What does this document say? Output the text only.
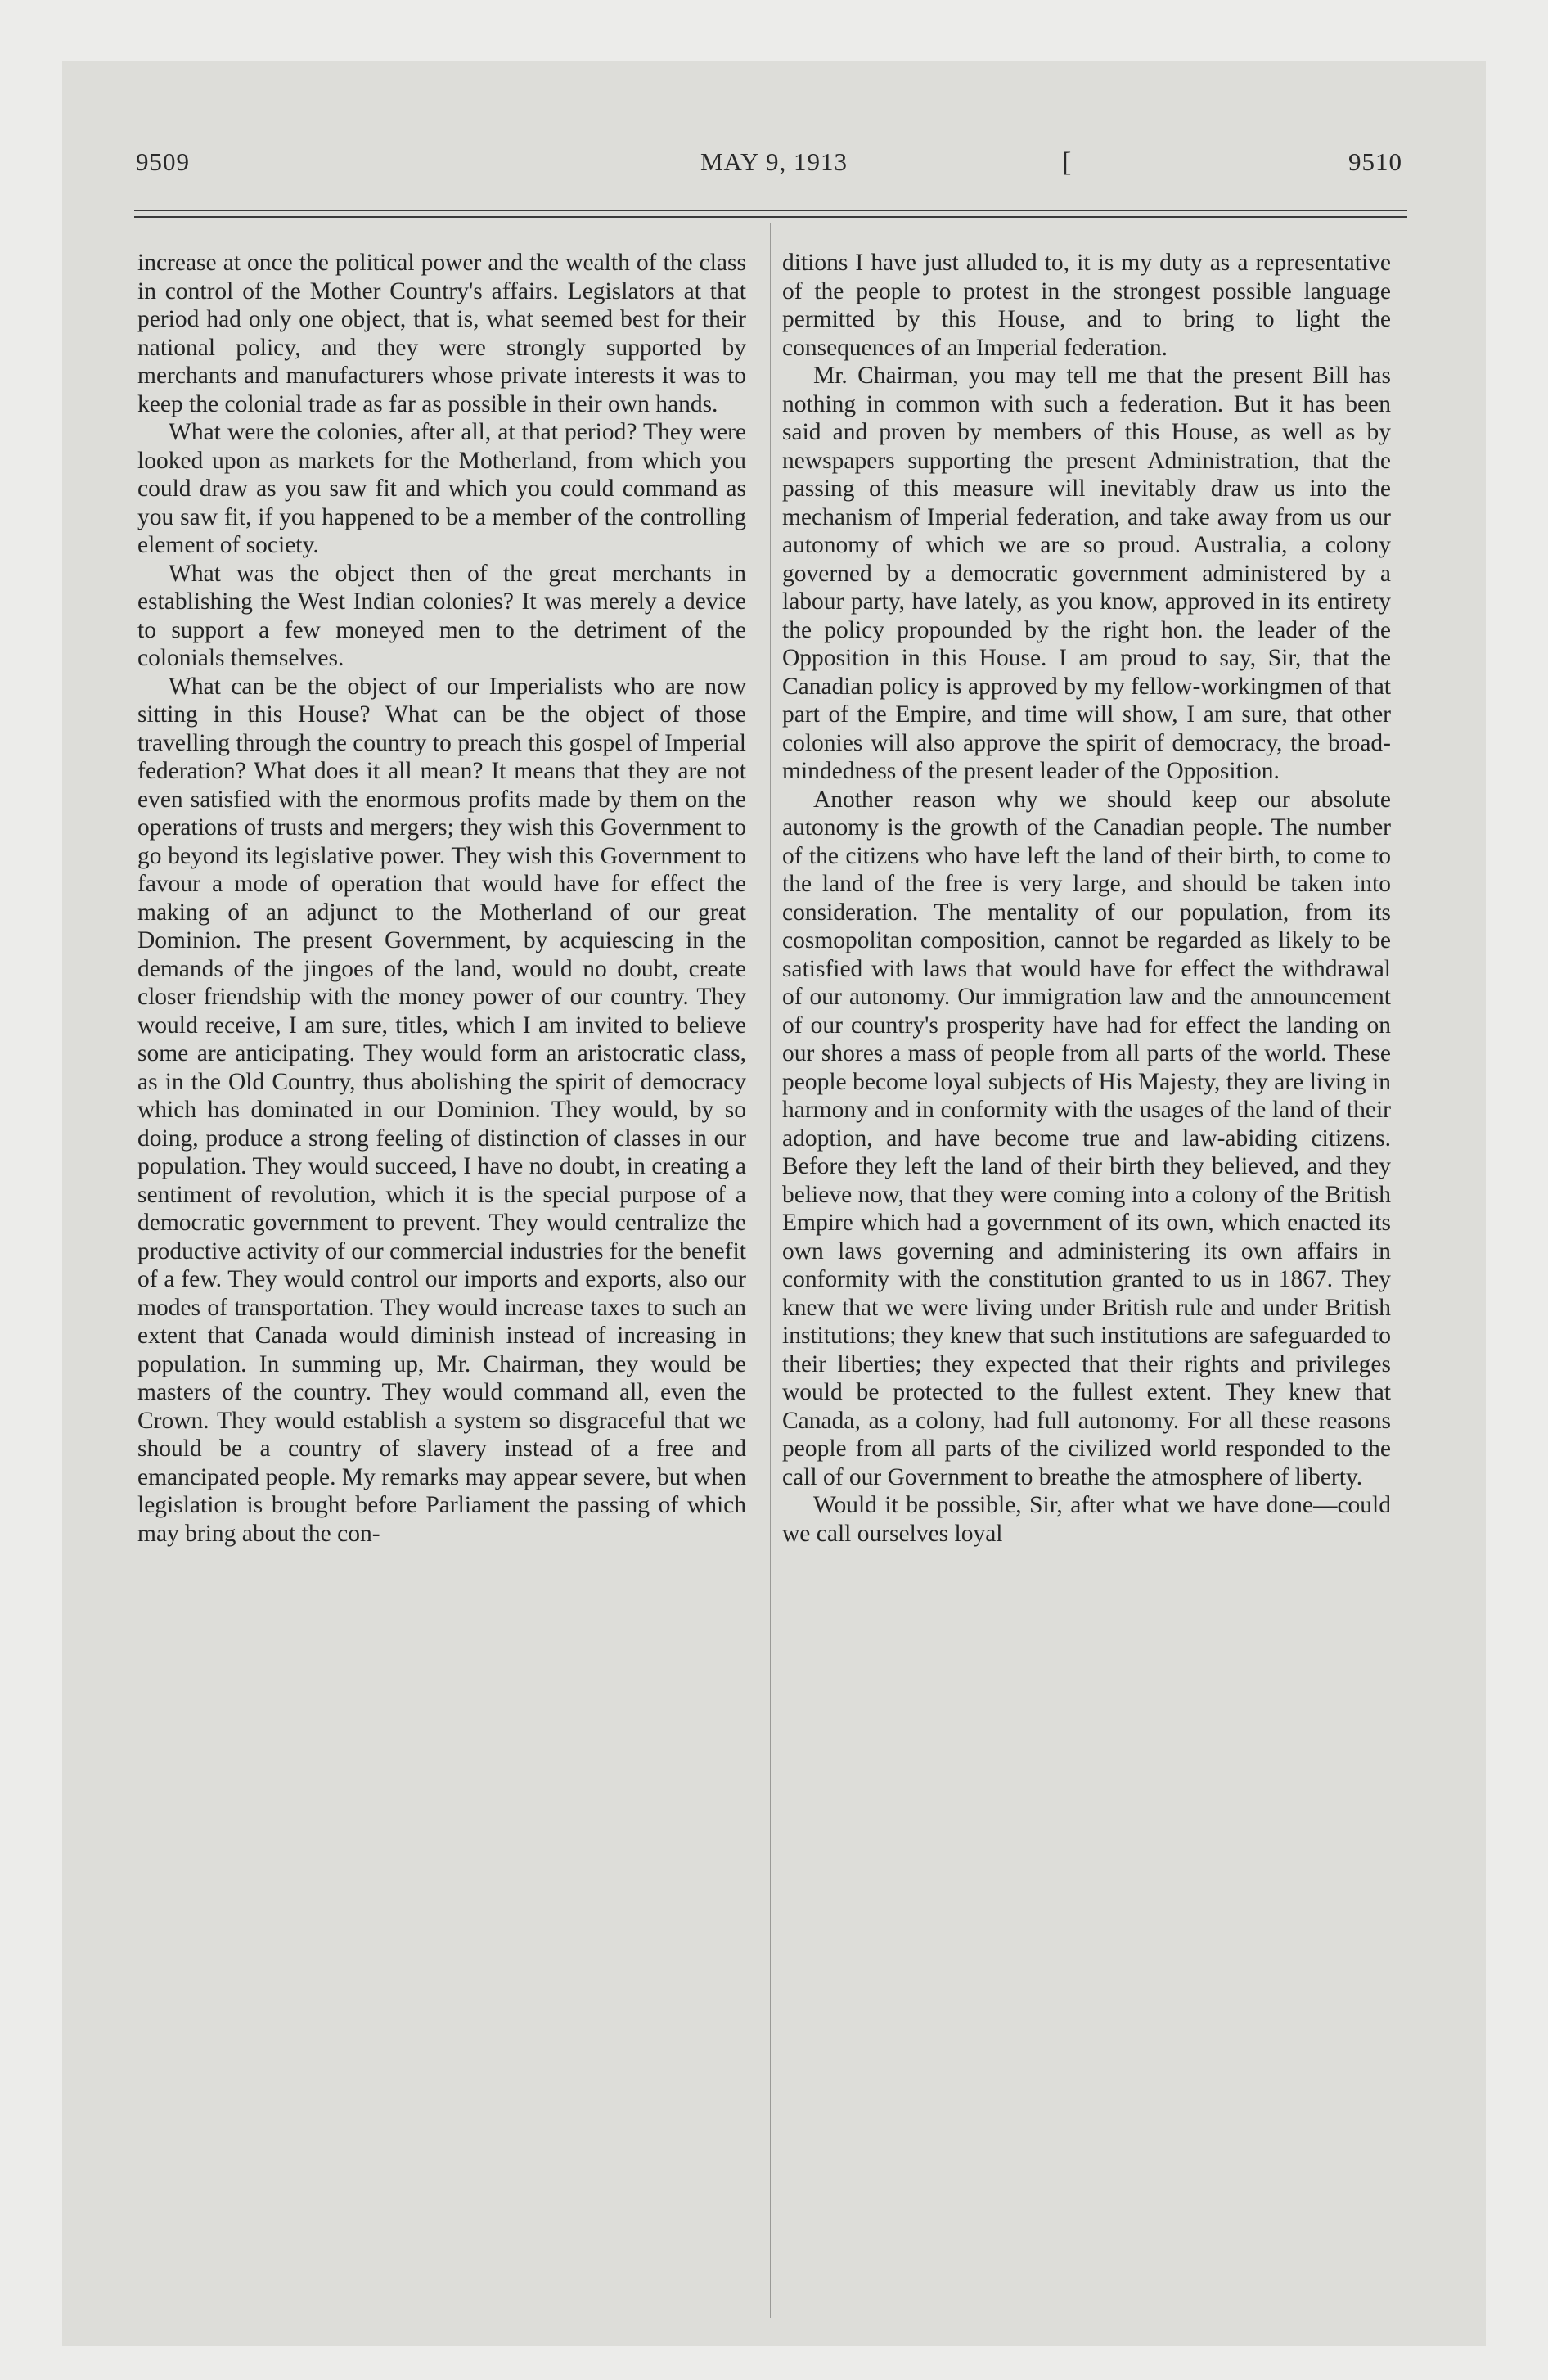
9509	MAY 9, 1913	[	9510

increase at once the political power and the wealth of the class in control of the Mother Country's affairs. Legislators at that period had only one object, that is, what seemed best for their national policy, and they were strongly supported by merchants and manufacturers whose private interests it was to keep the colonial trade as far as possible in their own hands.

What were the colonies, after all, at that period? They were looked upon as markets for the Motherland, from which you could draw as you saw fit and which you could command as you saw fit, if you happened to be a member of the controlling element of society.

What was the object then of the great merchants in establishing the West Indian colonies? It was merely a device to support a few moneyed men to the detriment of the colonials themselves.

What can be the object of our Imperialists who are now sitting in this House? What can be the object of those travelling through the country to preach this gospel of Imperial federation? What does it all mean? It means that they are not even satisfied with the enormous profits made by them on the operations of trusts and mergers; they wish this Government to go beyond its legislative power. They wish this Government to favour a mode of operation that would have for effect the making of an adjunct to the Motherland of our great Dominion. The present Government, by acquiescing in the demands of the jingoes of the land, would no doubt, create closer friendship with the money power of our country. They would receive, I am sure, titles, which I am invited to believe some are anticipating. They would form an aristocratic class, as in the Old Country, thus abolishing the spirit of democracy which has dominated in our Dominion. They would, by so doing, produce a strong feeling of distinction of classes in our population. They would succeed, I have no doubt, in creating a sentiment of revolution, which it is the special purpose of a democratic government to prevent. They would centralize the productive activity of our commercial industries for the benefit of a few. They would control our imports and exports, also our modes of transportation. They would increase taxes to such an extent that Canada would diminish instead of increasing in population. In summing up, Mr. Chairman, they would be masters of the country. They would command all, even the Crown. They would establish a system so disgraceful that we should be a country of slavery instead of a free and emancipated people. My remarks may appear severe, but when legislation is brought before Parliament the passing of which may bring about the con-

ditions I have just alluded to, it is my duty as a representative of the people to protest in the strongest possible language permitted by this House, and to bring to light the consequences of an Imperial federation.

Mr. Chairman, you may tell me that the present Bill has nothing in common with such a federation. But it has been said and proven by members of this House, as well as by newspapers supporting the present Administration, that the passing of this measure will inevitably draw us into the mechanism of Imperial federation, and take away from us our autonomy of which we are so proud. Australia, a colony governed by a democratic government administered by a labour party, have lately, as you know, approved in its entirety the policy propounded by the right hon. the leader of the Opposition in this House. I am proud to say, Sir, that the Canadian policy is approved by my fellow-workingmen of that part of the Empire, and time will show, I am sure, that other colonies will also approve the spirit of democracy, the broad-mindedness of the present leader of the Opposition.

Another reason why we should keep our absolute autonomy is the growth of the Canadian people. The number of the citizens who have left the land of their birth, to come to the land of the free is very large, and should be taken into consideration. The mentality of our population, from its cosmopolitan composition, cannot be regarded as likely to be satisfied with laws that would have for effect the withdrawal of our autonomy. Our immigration law and the announcement of our country's prosperity have had for effect the landing on our shores a mass of people from all parts of the world. These people become loyal subjects of His Majesty, they are living in harmony and in conformity with the usages of the land of their adoption, and have become true and law-abiding citizens. Before they left the land of their birth they believed, and they believe now, that they were coming into a colony of the British Empire which had a government of its own, which enacted its own laws governing and administering its own affairs in conformity with the constitution granted to us in 1867. They knew that we were living under British rule and under British institutions; they knew that such institutions are safeguarded to their liberties; they expected that their rights and privileges would be protected to the fullest extent. They knew that Canada, as a colony, had full autonomy. For all these reasons people from all parts of the civilized world responded to the call of our Government to breathe the atmosphere of liberty.

Would it be possible, Sir, after what we have done—could we call ourselves loyal
